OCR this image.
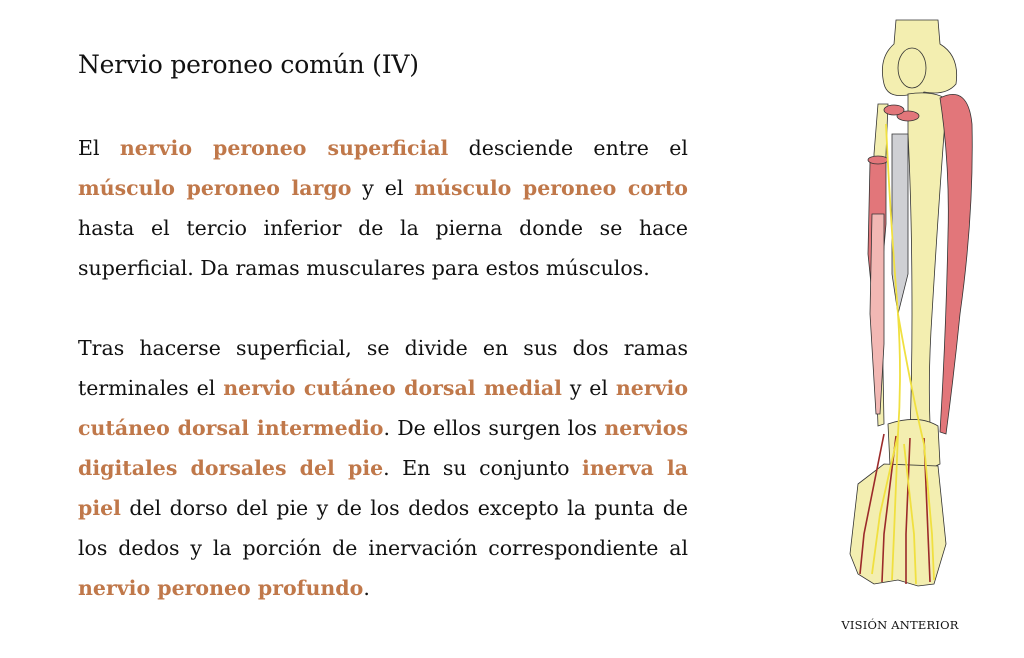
Nervio peroneo común (IV)

El nervio peroneo superficial desciende entre el músculo peroneo largo y el músculo peroneo corto hasta el tercio inferior de la pierna donde se hace superficial. Da ramas musculares para estos músculos.

Tras hacerse superficial, se divide en sus dos ramas terminales el nervio cutáneo dorsal medial y el nervio cutáneo dorsal intermedio. De ellos surgen los nervios digitales dorsales del pie. En su conjunto inerva la piel del dorso del pie y de los dedos excepto la punta de los dedos y la porción de inervación correspondiente al nervio peroneo profundo.

VISIÓN ANTERIOR
